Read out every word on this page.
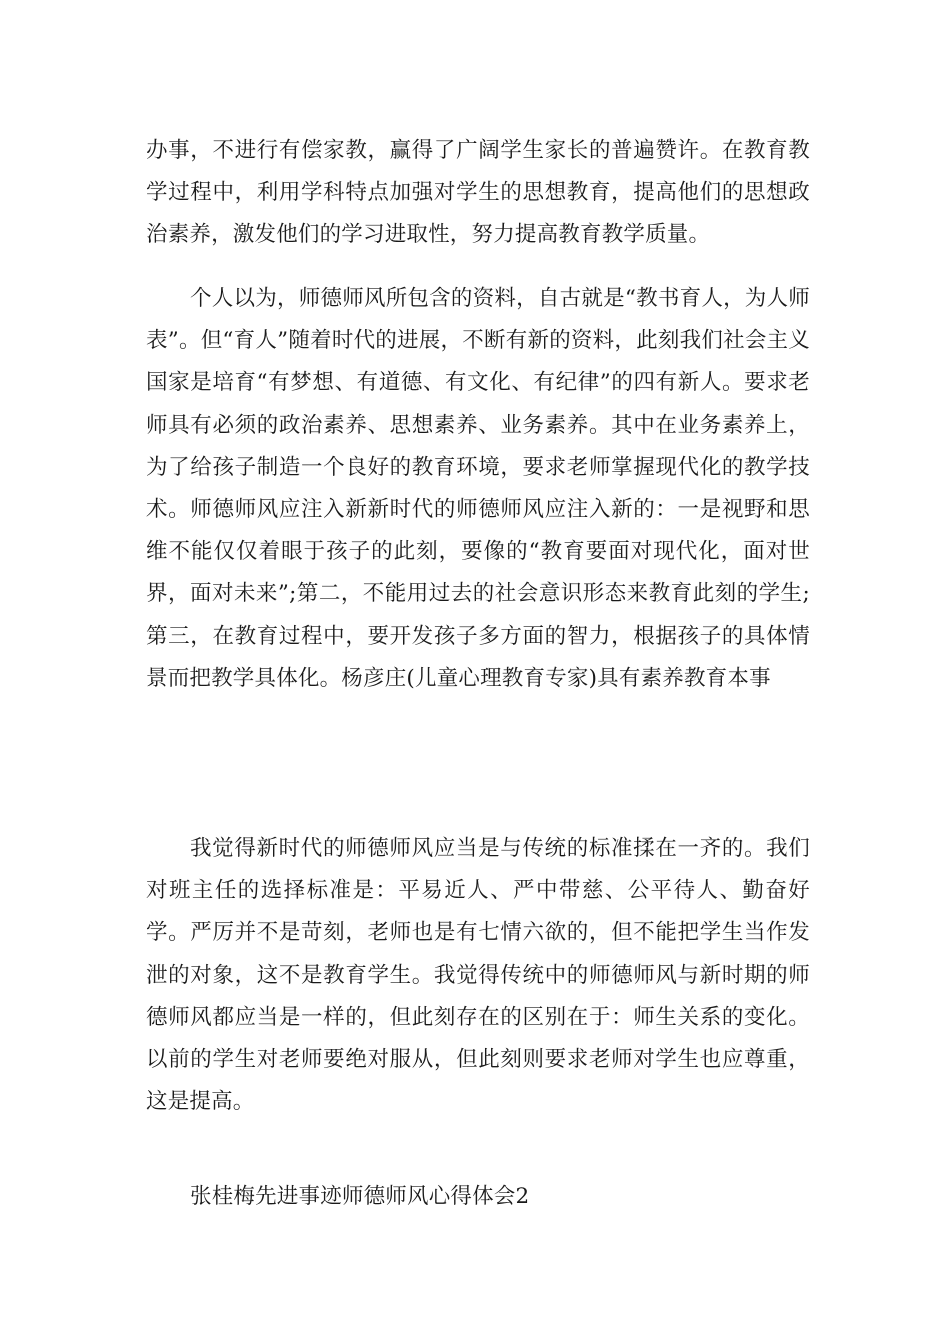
办事，不进行有偿家教，赢得了广阔学生家长的普遍赞许。在教育教学过程中，利用学科特点加强对学生的思想教育，提高他们的思想政治素养，激发他们的学习进取性，努力提高教育教学质量。

个人以为，师德师风所包含的资料，自古就是“教书育人，为人师表”。但“育人”随着时代的进展，不断有新的资料，此刻我们社会主义国家是培育“有梦想、有道德、有文化、有纪律”的四有新人。要求老师具有必须的政治素养、思想素养、业务素养。其中在业务素养上，为了给孩子制造一个良好的教育环境，要求老师掌握现代化的教学技术。师德师风应注入新新时代的师德师风应注入新的：一是视野和思维不能仅仅着眼于孩子的此刻，要像的“教育要面对现代化，面对世界，面对未来”;第二，不能用过去的社会意识形态来教育此刻的学生;第三，在教育过程中，要开发孩子多方面的智力，根据孩子的具体情景而把教学具体化。杨彦庄(儿童心理教育专家)具有素养教育本事

我觉得新时代的师德师风应当是与传统的标准揉在一齐的。我们对班主任的选择标准是：平易近人、严中带慈、公平待人、勤奋好学。严厉并不是苛刻，老师也是有七情六欲的，但不能把学生当作发泄的对象，这不是教育学生。我觉得传统中的师德师风与新时期的师德师风都应当是一样的，但此刻存在的区别在于：师生关系的变化。以前的学生对老师要绝对服从，但此刻则要求老师对学生也应尊重，这是提高。

张桂梅先进事迹师德师风心得体会2
